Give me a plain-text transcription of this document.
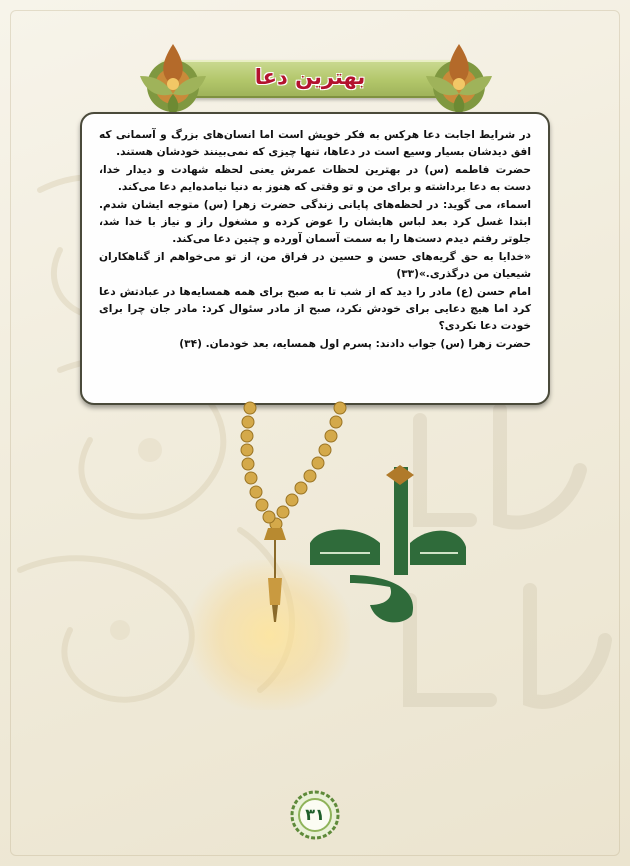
بهترین دعا

در شرایط اجابت دعا هرکس به فکر خویش است اما انسان‌های بزرگ و آسمانی که افق دیدشان بسیار وسیع است در دعاها، تنها چیزی که نمی‌بینند خودشان هستند.

حضرت فاطمه (س) در بهترین لحظات عمرش یعنی لحظه شهادت و دیدار خدا، دست به دعا برداشته و برای من و تو وقتی که هنوز به دنیا نیامده‌ایم دعا می‌کند.

اسماء، می گوید: در لحظه‌های پایانی زندگی حضرت زهرا (س) متوجه ایشان شدم. ابتدا غسل کرد بعد لباس هایشان را عوض کرده و مشغول راز و نیاز با خدا شد، جلوتر رفتم دیدم دست‌ها را به سمت آسمان آورده و چنین دعا می‌کند.

«خدایا به حق گریه‌های حسن و حسین در فراق من، از تو می‌خواهم از گناهکاران شیعیان من درگذری.»(۳۳)

امام حسن (ع) مادر را دید که از شب تا به صبح برای همه همسایه‌ها در عبادتش دعا کرد اما هیچ دعایی برای خودش نکرد، صبح از مادر سئوال کرد: مادر جان چرا برای خودت دعا نکردی؟

حضرت زهرا (س) جواب دادند: پسرم اول همسایه، بعد خودمان. (۳۴)

۳۱
